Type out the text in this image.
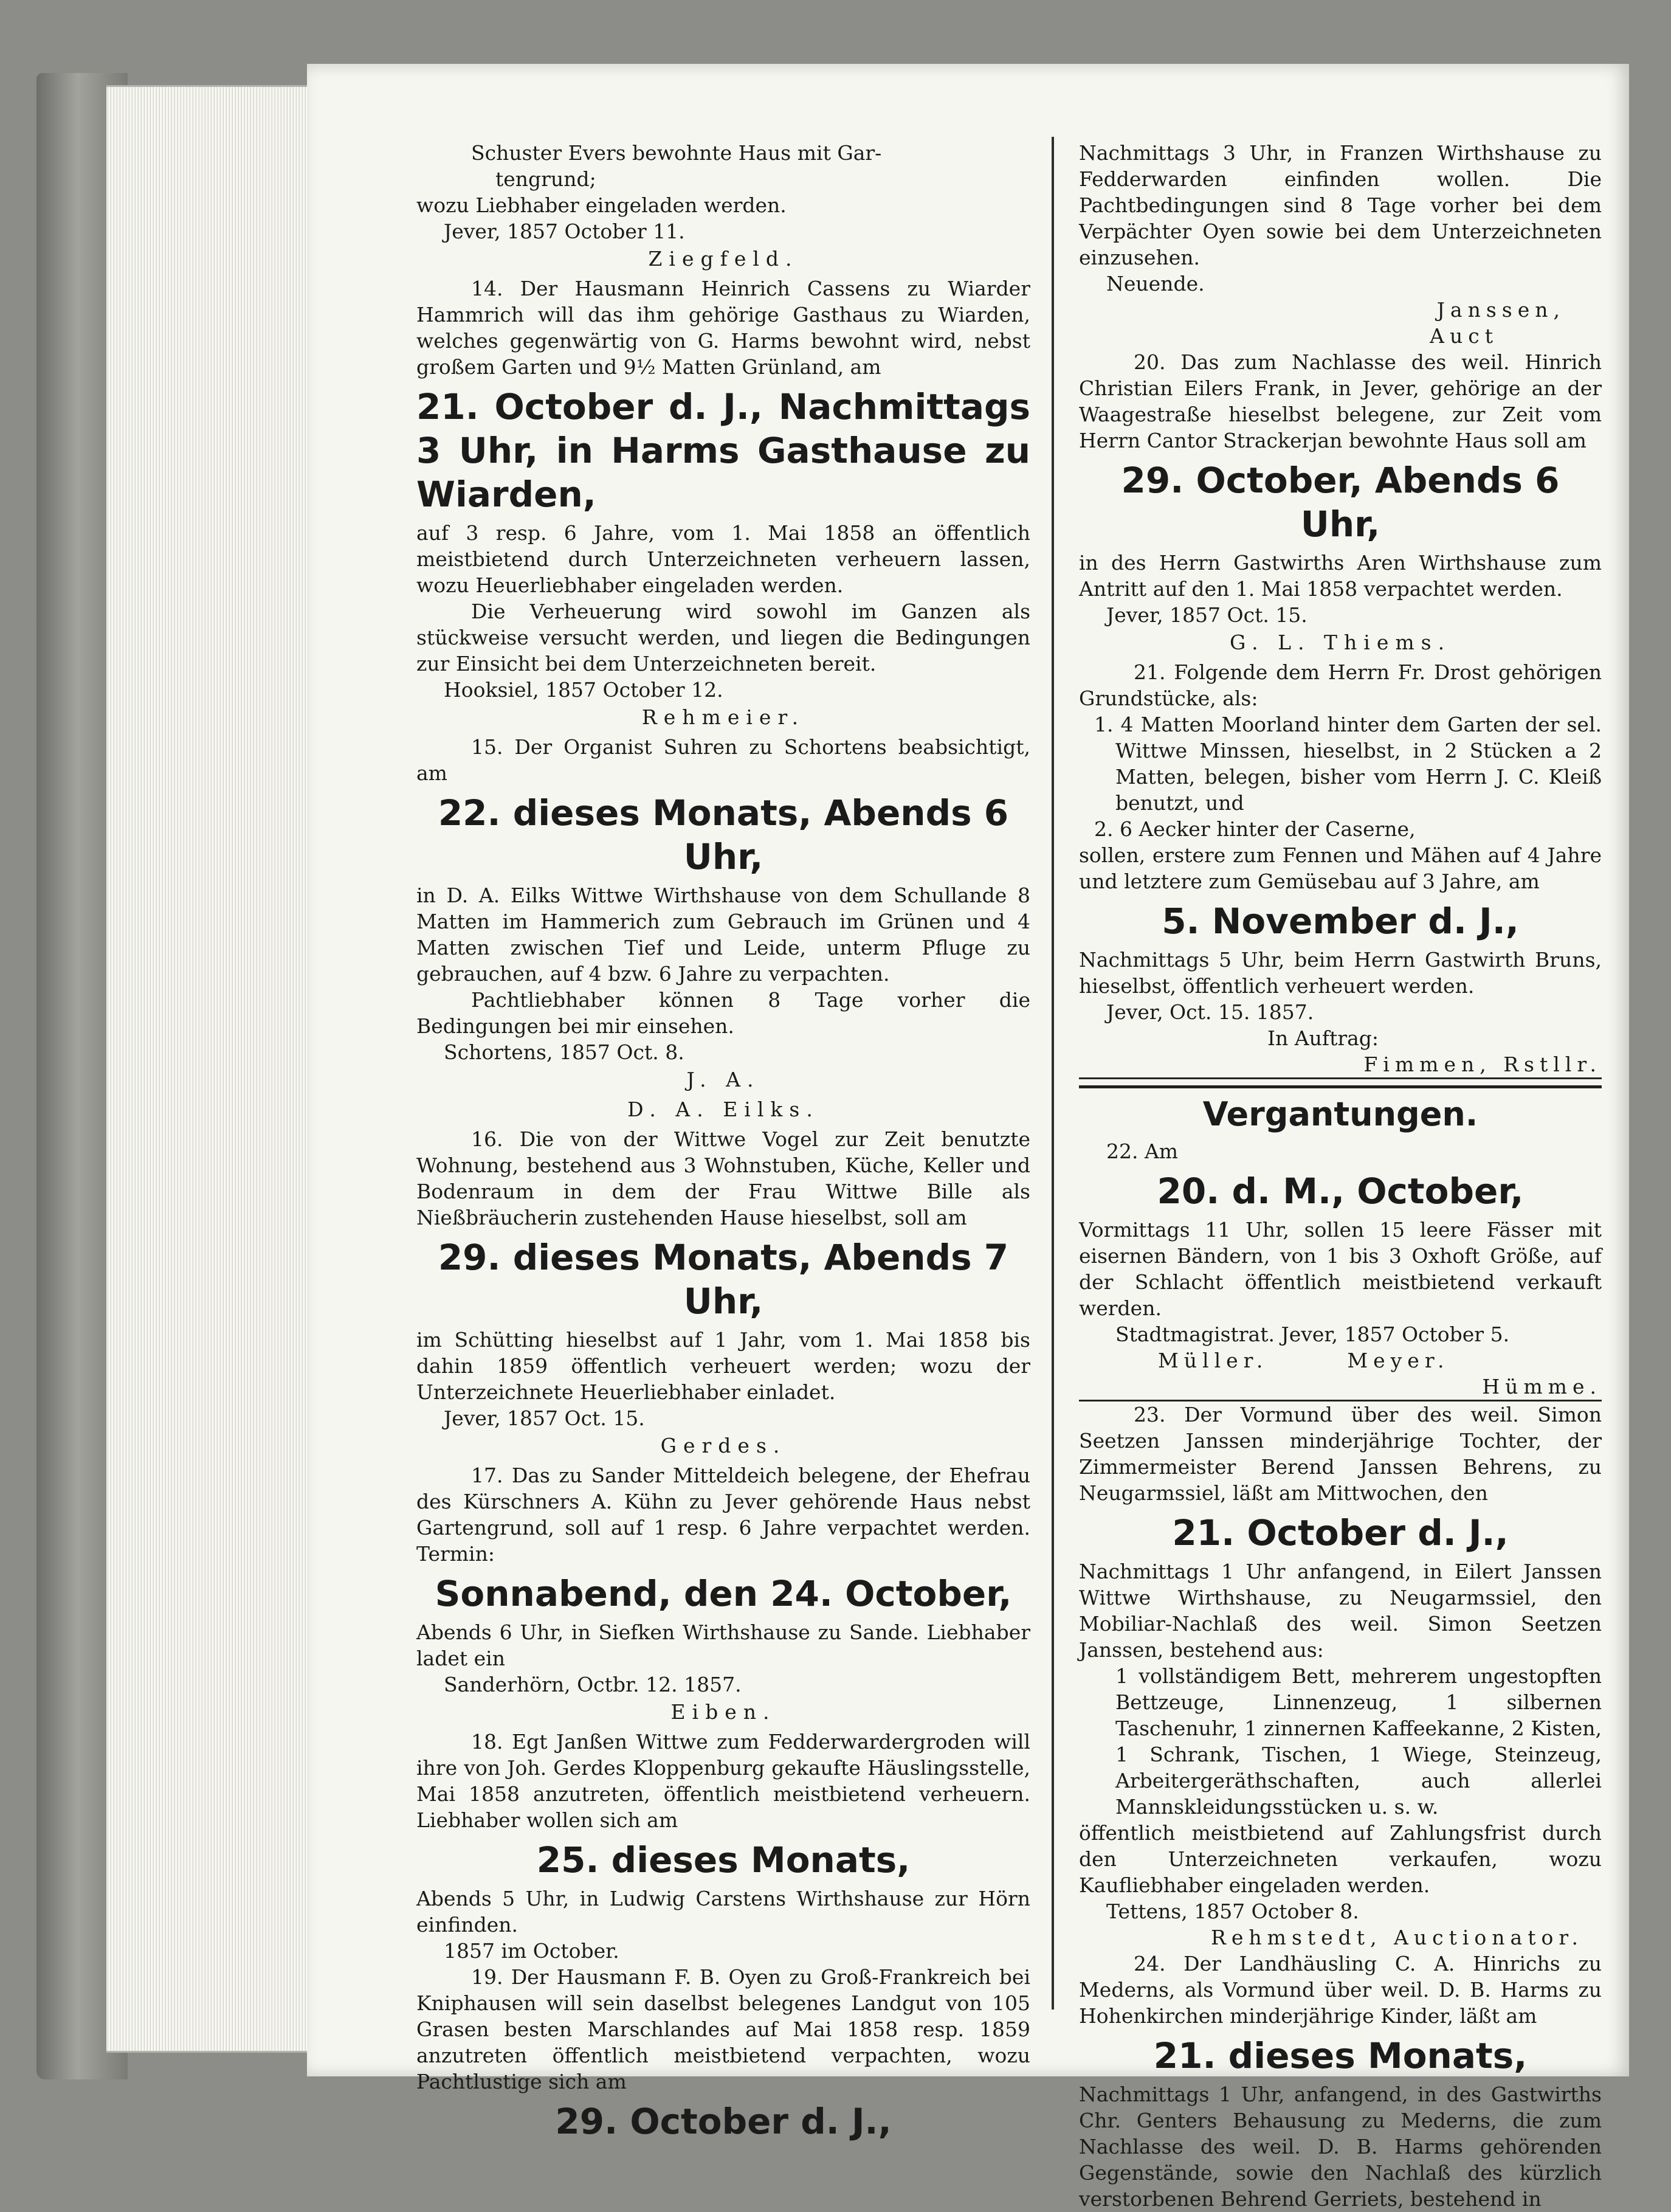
Schuster Evers bewohnte Haus mit Gar-

tengrund;

wozu Liebhaber eingeladen werden.

Jever, 1857 October 11.

Ziegfeld.

14. Der Hausmann Heinrich Cassens zu Wiarder Hammrich will das ihm gehörige Gasthaus zu Wiarden, welches gegenwärtig von G. Harms bewohnt wird, nebst großem Garten und 9½ Matten Grünland, am

21. October d. J., Nachmittags 3 Uhr, in Harms Gasthause zu Wiarden,

auf 3 resp. 6 Jahre, vom 1. Mai 1858 an öffentlich meistbietend durch Unterzeichneten verheuern lassen, wozu Heuerliebhaber eingeladen werden.

Die Verheuerung wird sowohl im Ganzen als stückweise versucht werden, und liegen die Bedingungen zur Einsicht bei dem Unterzeichneten bereit.

Hooksiel, 1857 October 12.

Rehmeier.

15. Der Organist Suhren zu Schortens beabsichtigt, am

22. dieses Monats, Abends 6 Uhr,

in D. A. Eilks Wittwe Wirthshause von dem Schullande 8 Matten im Hammerich zum Gebrauch im Grünen und 4 Matten zwischen Tief und Leide, unterm Pfluge zu gebrauchen, auf 4 bzw. 6 Jahre zu verpachten.

Pachtliebhaber können 8 Tage vorher die Bedingungen bei mir einsehen.

Schortens, 1857 Oct. 8.

J. A.

D. A. Eilks.

16. Die von der Wittwe Vogel zur Zeit benutzte Wohnung, bestehend aus 3 Wohnstuben, Küche, Keller und Bodenraum in dem der Frau Wittwe Bille als Nießbräucherin zustehenden Hause hieselbst, soll am

29. dieses Monats, Abends 7 Uhr,

im Schütting hieselbst auf 1 Jahr, vom 1. Mai 1858 bis dahin 1859 öffentlich verheuert werden; wozu der Unterzeichnete Heuerliebhaber einladet.

Jever, 1857 Oct. 15.

Gerdes.

17. Das zu Sander Mitteldeich belegene, der Ehefrau des Kürschners A. Kühn zu Jever gehörende Haus nebst Gartengrund, soll auf 1 resp. 6 Jahre verpachtet werden. Termin:

Sonnabend, den 24. October,

Abends 6 Uhr, in Siefken Wirthshause zu Sande. Liebhaber ladet ein

Sanderhörn, Octbr. 12. 1857.

Eiben.

18. Egt Janßen Wittwe zum Fedderwardergroden will ihre von Joh. Gerdes Kloppenburg gekaufte Häuslingsstelle, Mai 1858 anzutreten, öffentlich meistbietend verheuern. Liebhaber wollen sich am

25. dieses Monats,

Abends 5 Uhr, in Ludwig Carstens Wirthshause zur Hörn einfinden.

1857 im October.

19. Der Hausmann F. B. Oyen zu Groß-Frankreich bei Kniphausen will sein daselbst belegenes Landgut von 105 Grasen besten Marschlandes auf Mai 1858 resp. 1859 anzutreten öffentlich meistbietend verpachten, wozu Pachtlustige sich am

29. October d. J.,

Nachmittags 3 Uhr, in Franzen Wirthshause zu Fedderwarden einfinden wollen. Die Pachtbedingungen sind 8 Tage vorher bei dem Verpächter Oyen sowie bei dem Unterzeichneten einzusehen.

Neuende.

Janssen,

Auct

20. Das zum Nachlasse des weil. Hinrich Christian Eilers Frank, in Jever, gehörige an der Waagestraße hieselbst belegene, zur Zeit vom Herrn Cantor Strackerjan bewohnte Haus soll am

29. October, Abends 6 Uhr,

in des Herrn Gastwirths Aren Wirthshause zum Antritt auf den 1. Mai 1858 verpachtet werden.

Jever, 1857 Oct. 15.

G. L. Thiems.

21. Folgende dem Herrn Fr. Drost gehörigen Grundstücke, als:

1. 4 Matten Moorland hinter dem Garten der sel. Wittwe Minssen, hieselbst, in 2 Stücken a 2 Matten, belegen, bisher vom Herrn J. C. Kleiß benutzt, und

2. 6 Aecker hinter der Caserne,

sollen, erstere zum Fennen und Mähen auf 4 Jahre und letztere zum Gemüsebau auf 3 Jahre, am

5. November d. J.,

Nachmittags 5 Uhr, beim Herrn Gastwirth Bruns, hieselbst, öffentlich verheuert werden.

Jever, Oct. 15. 1857.

In Auftrag:

Fimmen, Rstllr.

Vergantungen.

22. Am

20. d. M., October,

Vormittags 11 Uhr, sollen 15 leere Fässer mit eisernen Bändern, von 1 bis 3 Oxhoft Größe, auf der Schlacht öffentlich meistbietend verkauft werden.

Stadtmagistrat. Jever, 1857 October 5.

Müller.	Meyer.

Hümme.

23. Der Vormund über des weil. Simon Seetzen Janssen minderjährige Tochter, der Zimmermeister Berend Janssen Behrens, zu Neugarmssiel, läßt am Mittwochen, den

21. October d. J.,

Nachmittags 1 Uhr anfangend, in Eilert Janssen Wittwe Wirthshause, zu Neugarmssiel, den Mobiliar-Nachlaß des weil. Simon Seetzen Janssen, bestehend aus:

1 vollständigem Bett, mehrerem ungestopften Bettzeuge, Linnenzeug, 1 silbernen Taschenuhr, 1 zinnernen Kaffeekanne, 2 Kisten, 1 Schrank, Tischen, 1 Wiege, Steinzeug, Arbeitergeräthschaften, auch allerlei Mannskleidungsstücken u. s. w.

öffentlich meistbietend auf Zahlungsfrist durch den Unterzeichneten verkaufen, wozu Kaufliebhaber eingeladen werden.

Tettens, 1857 October 8.

Rehmstedt, Auctionator.

24. Der Landhäusling C. A. Hinrichs zu Mederns, als Vormund über weil. D. B. Harms zu Hohenkirchen minderjährige Kinder, läßt am

21. dieses Monats,

Nachmittags 1 Uhr, anfangend, in des Gastwirths Chr. Genters Behausung zu Mederns, die zum Nachlasse des weil. D. B. Harms gehörenden Gegenstände, sowie den Nachlaß des kürzlich verstorbenen Behrend Gerriets, bestehend in
